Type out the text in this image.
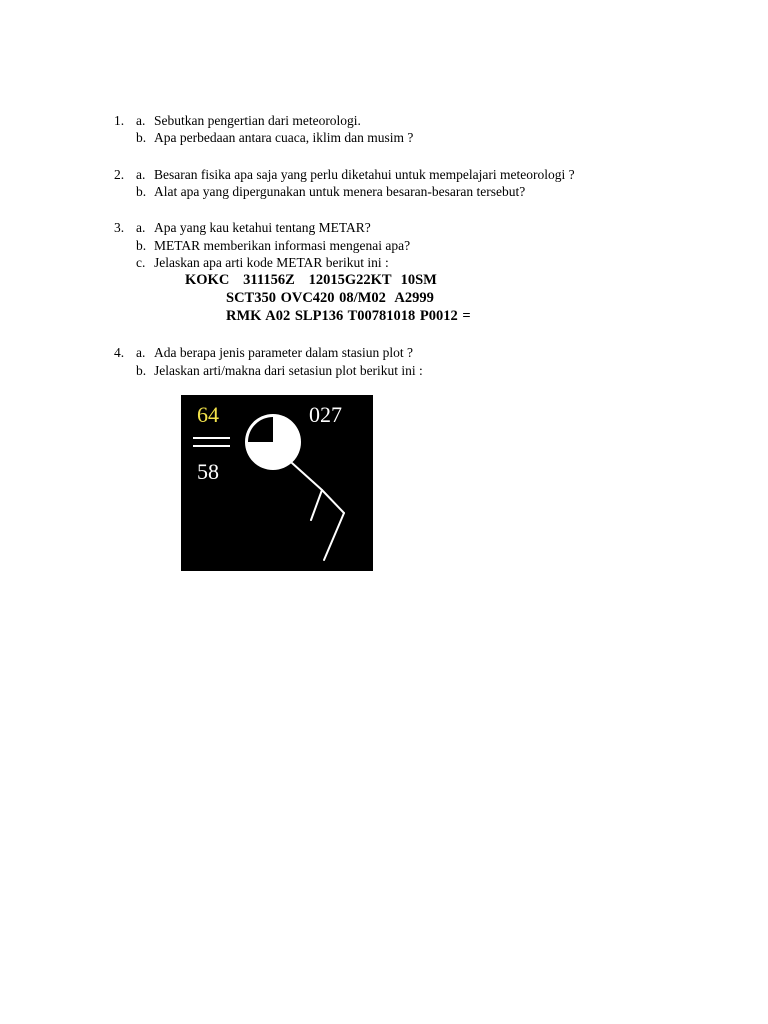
1. a. Sebutkan pengertian dari meteorologi.
b. Apa perbedaan antara cuaca, iklim dan musim ?
2. a. Besaran fisika apa saja yang perlu diketahui untuk mempelajari meteorologi ?
b. Alat apa yang dipergunakan untuk menera besaran-besaran tersebut?
3. a. Apa yang kau ketahui tentang METAR?
b. METAR memberikan informasi mengenai apa?
c. Jelaskan apa arti kode METAR berikut ini :
KOKC   311156Z   12015G22KT  10SM
SCT350 OVC420 08/M02  A2999
RMK A02 SLP136 T00781018 P0012 =
4. a. Ada berapa jenis parameter dalam stasiun plot ?
b. Jelaskan arti/makna dari setasiun plot berikut ini :
64
58
027
